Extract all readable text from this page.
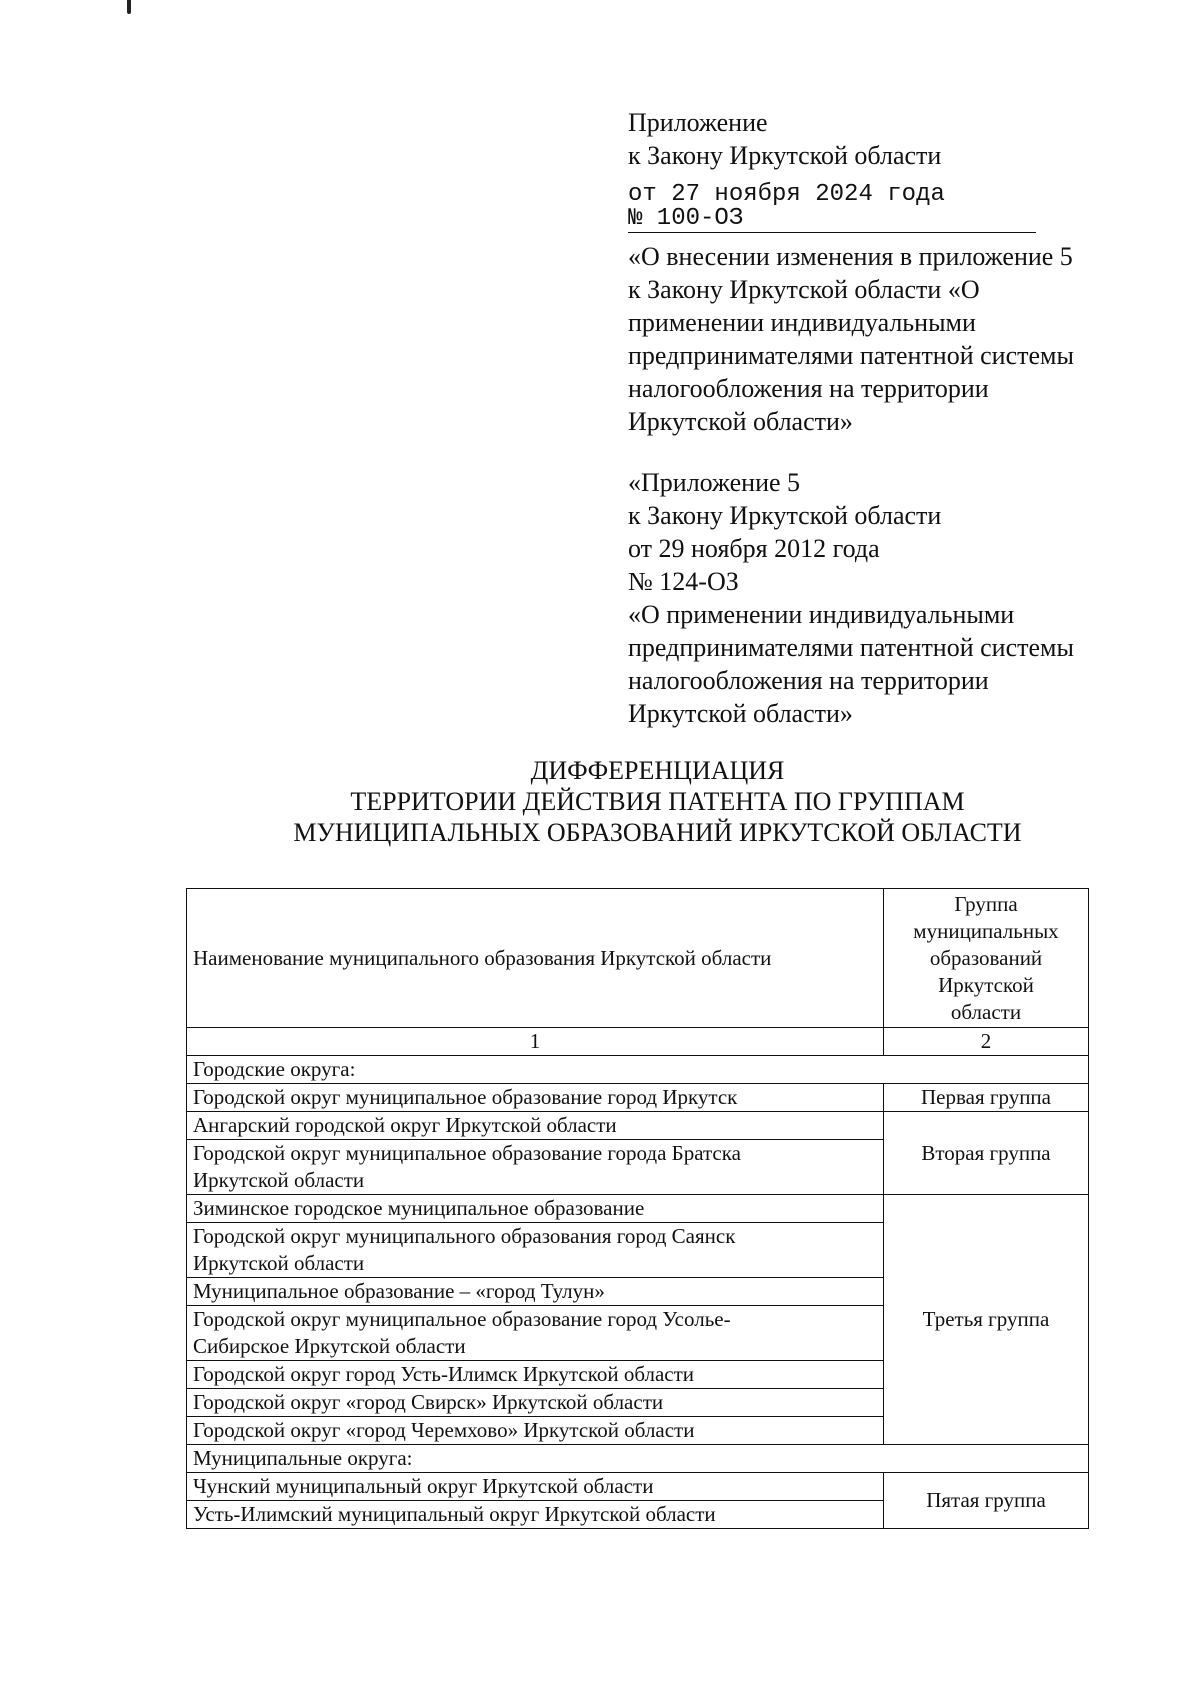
Приложение
к Закону Иркутской области
от 27 ноября 2024 года
№ 100-ОЗ
«О внесении изменения в приложение 5
к Закону Иркутской области «О
применении индивидуальными
предпринимателями патентной системы
налогообложения на территории
Иркутской области»
«Приложение 5
к Закону Иркутской области
от 29 ноября 2012 года
№ 124-ОЗ
«О применении индивидуальными
предпринимателями патентной системы
налогообложения на территории
Иркутской области»
ДИФФЕРЕНЦИАЦИЯ
ТЕРРИТОРИИ ДЕЙСТВИЯ ПАТЕНТА ПО ГРУППАМ
МУНИЦИПАЛЬНЫХ ОБРАЗОВАНИЙ ИРКУТСКОЙ ОБЛАСТИ
Наименование муниципального образования Иркутской области	Группа
муниципальных
образований
Иркутской
области

1	2
Городские округа:	
Городской округ муниципальное образование город Иркутск	Первая группа
Ангарский городской округ Иркутской области	Вторая группа

Городской округ муниципальное образование города Братска
Иркутской области	

Зиминское городское муниципальное образование	Третья группа

Городской округ муниципального образования город Саянск
Иркутской области	

Муниципальное образование – «город Тулун»	

Городской округ муниципальное образование город Усолье-
Сибирское Иркутской области	

Городской округ город Усть-Илимск Иркутской области	
Городской округ «город Свирск» Иркутской области	
Городской округ «город Черемхово» Иркутской области	
Муниципальные округа:	
Чунский муниципальный округ Иркутской области	Пятая группа
Усть-Илимский муниципальный округ Иркутской области	
